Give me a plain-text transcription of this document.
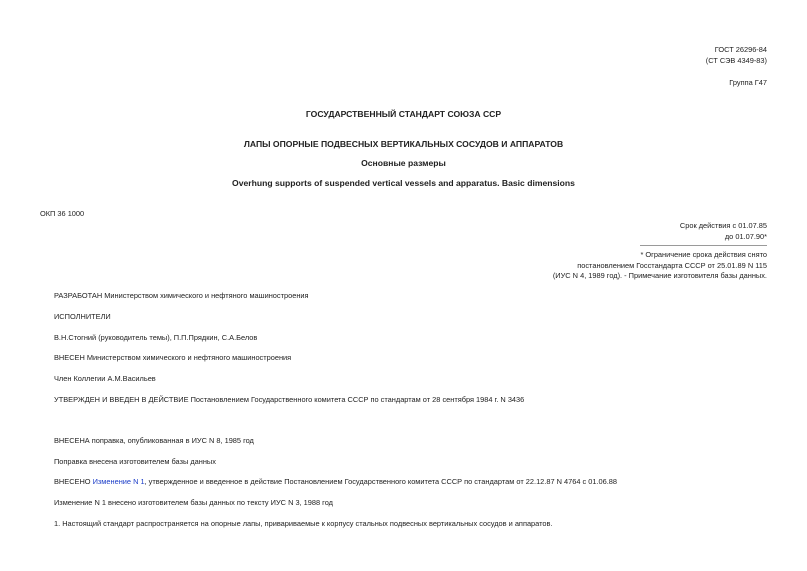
ГОСТ 26296-84
(СТ СЭВ 4349-83)
Группа Г47
ГОСУДАРСТВЕННЫЙ СТАНДАРТ СОЮЗА ССР
ЛАПЫ ОПОРНЫЕ ПОДВЕСНЫХ ВЕРТИКАЛЬНЫХ СОСУДОВ И АППАРАТОВ
Основные размеры
Overhung supports of suspended vertical vessels and apparatus. Basic dimensions
ОКП 36 1000
Срок действия с 01.07.85
до 01.07.90*
* Ограничение срока действия снято
постановлением Госстандарта СССР от 25.01.89 N 115
(ИУС N 4, 1989 год). - Примечание изготовителя базы данных.
РАЗРАБОТАН Министерством химического и нефтяного машиностроения
ИСПОЛНИТЕЛИ
В.Н.Стогний (руководитель темы), П.П.Прядкин, С.А.Белов
ВНЕСЕН Министерством химического и нефтяного машиностроения
Член Коллегии А.М.Васильев
УТВЕРЖДЕН И ВВЕДЕН В ДЕЙСТВИЕ Постановлением Государственного комитета СССР по стандартам от 28 сентября 1984 г. N 3436
ВНЕСЕНА поправка, опубликованная в ИУС N 8, 1985 год
Поправка внесена изготовителем базы данных
ВНЕСЕНО Изменение N 1, утвержденное и введенное в действие Постановлением Государственного комитета СССР по стандартам от 22.12.87 N 4764 с 01.06.88
Изменение N 1 внесено изготовителем базы данных по тексту ИУС N 3, 1988 год
1. Настоящий стандарт распространяется на опорные лапы, привариваемые к корпусу стальных подвесных вертикальных сосудов и аппаратов.
